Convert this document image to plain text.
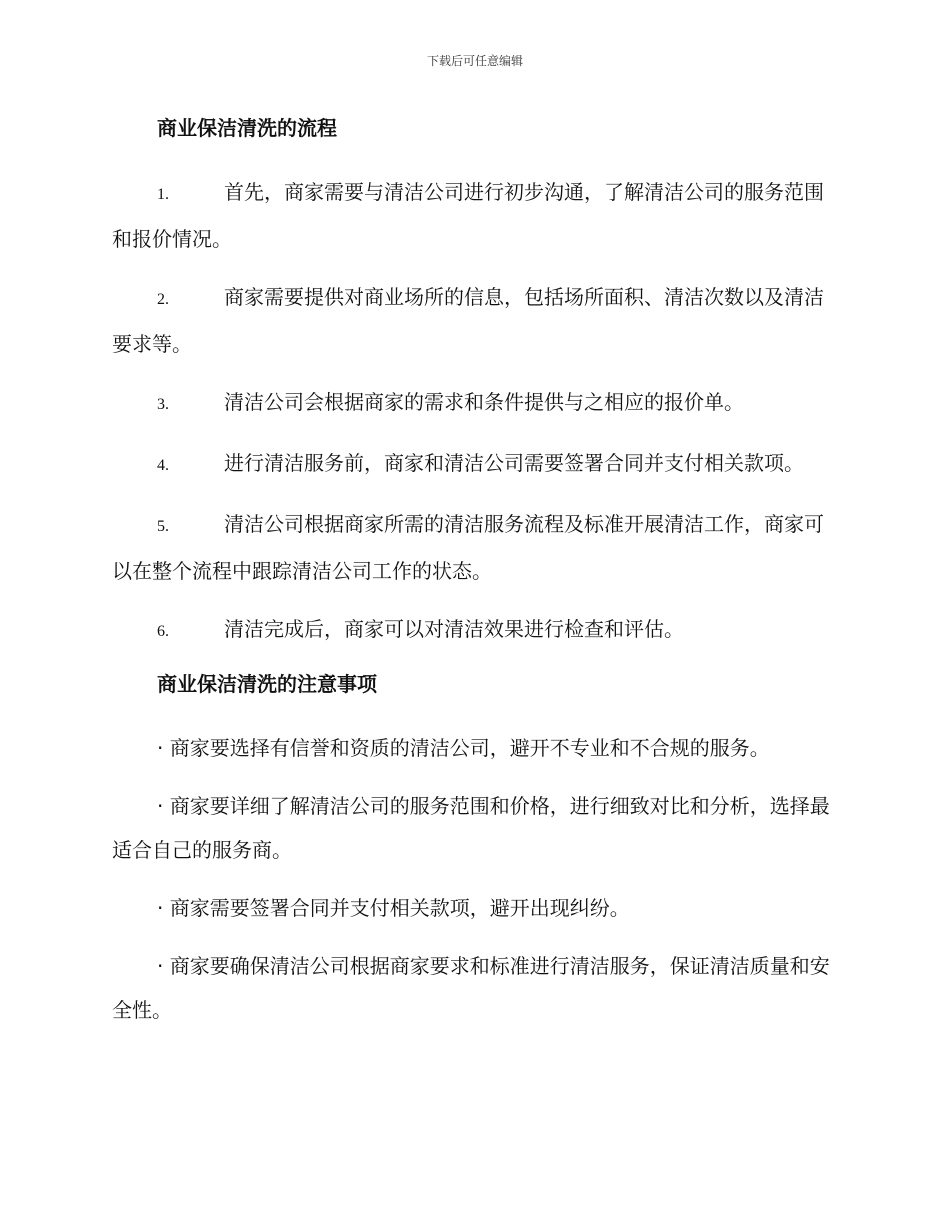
下载后可任意编辑
商业保洁清洗的流程
1.	首先，商家需要与清洁公司进行初步沟通，了解清洁公司的服务范围和报价情况。
2.	商家需要提供对商业场所的信息，包括场所面积、清洁次数以及清洁要求等。
3.	清洁公司会根据商家的需求和条件提供与之相应的报价单。
4.	进行清洁服务前，商家和清洁公司需要签署合同并支付相关款项。
5.	清洁公司根据商家所需的清洁服务流程及标准开展清洁工作，商家可以在整个流程中跟踪清洁公司工作的状态。
6.	清洁完成后，商家可以对清洁效果进行检查和评估。
商业保洁清洗的注意事项
· 商家要选择有信誉和资质的清洁公司，避开不专业和不合规的服务。
· 商家要详细了解清洁公司的服务范围和价格，进行细致对比和分析，选择最适合自己的服务商。
· 商家需要签署合同并支付相关款项，避开出现纠纷。
· 商家要确保清洁公司根据商家要求和标准进行清洁服务，保证清洁质量和安全性。
